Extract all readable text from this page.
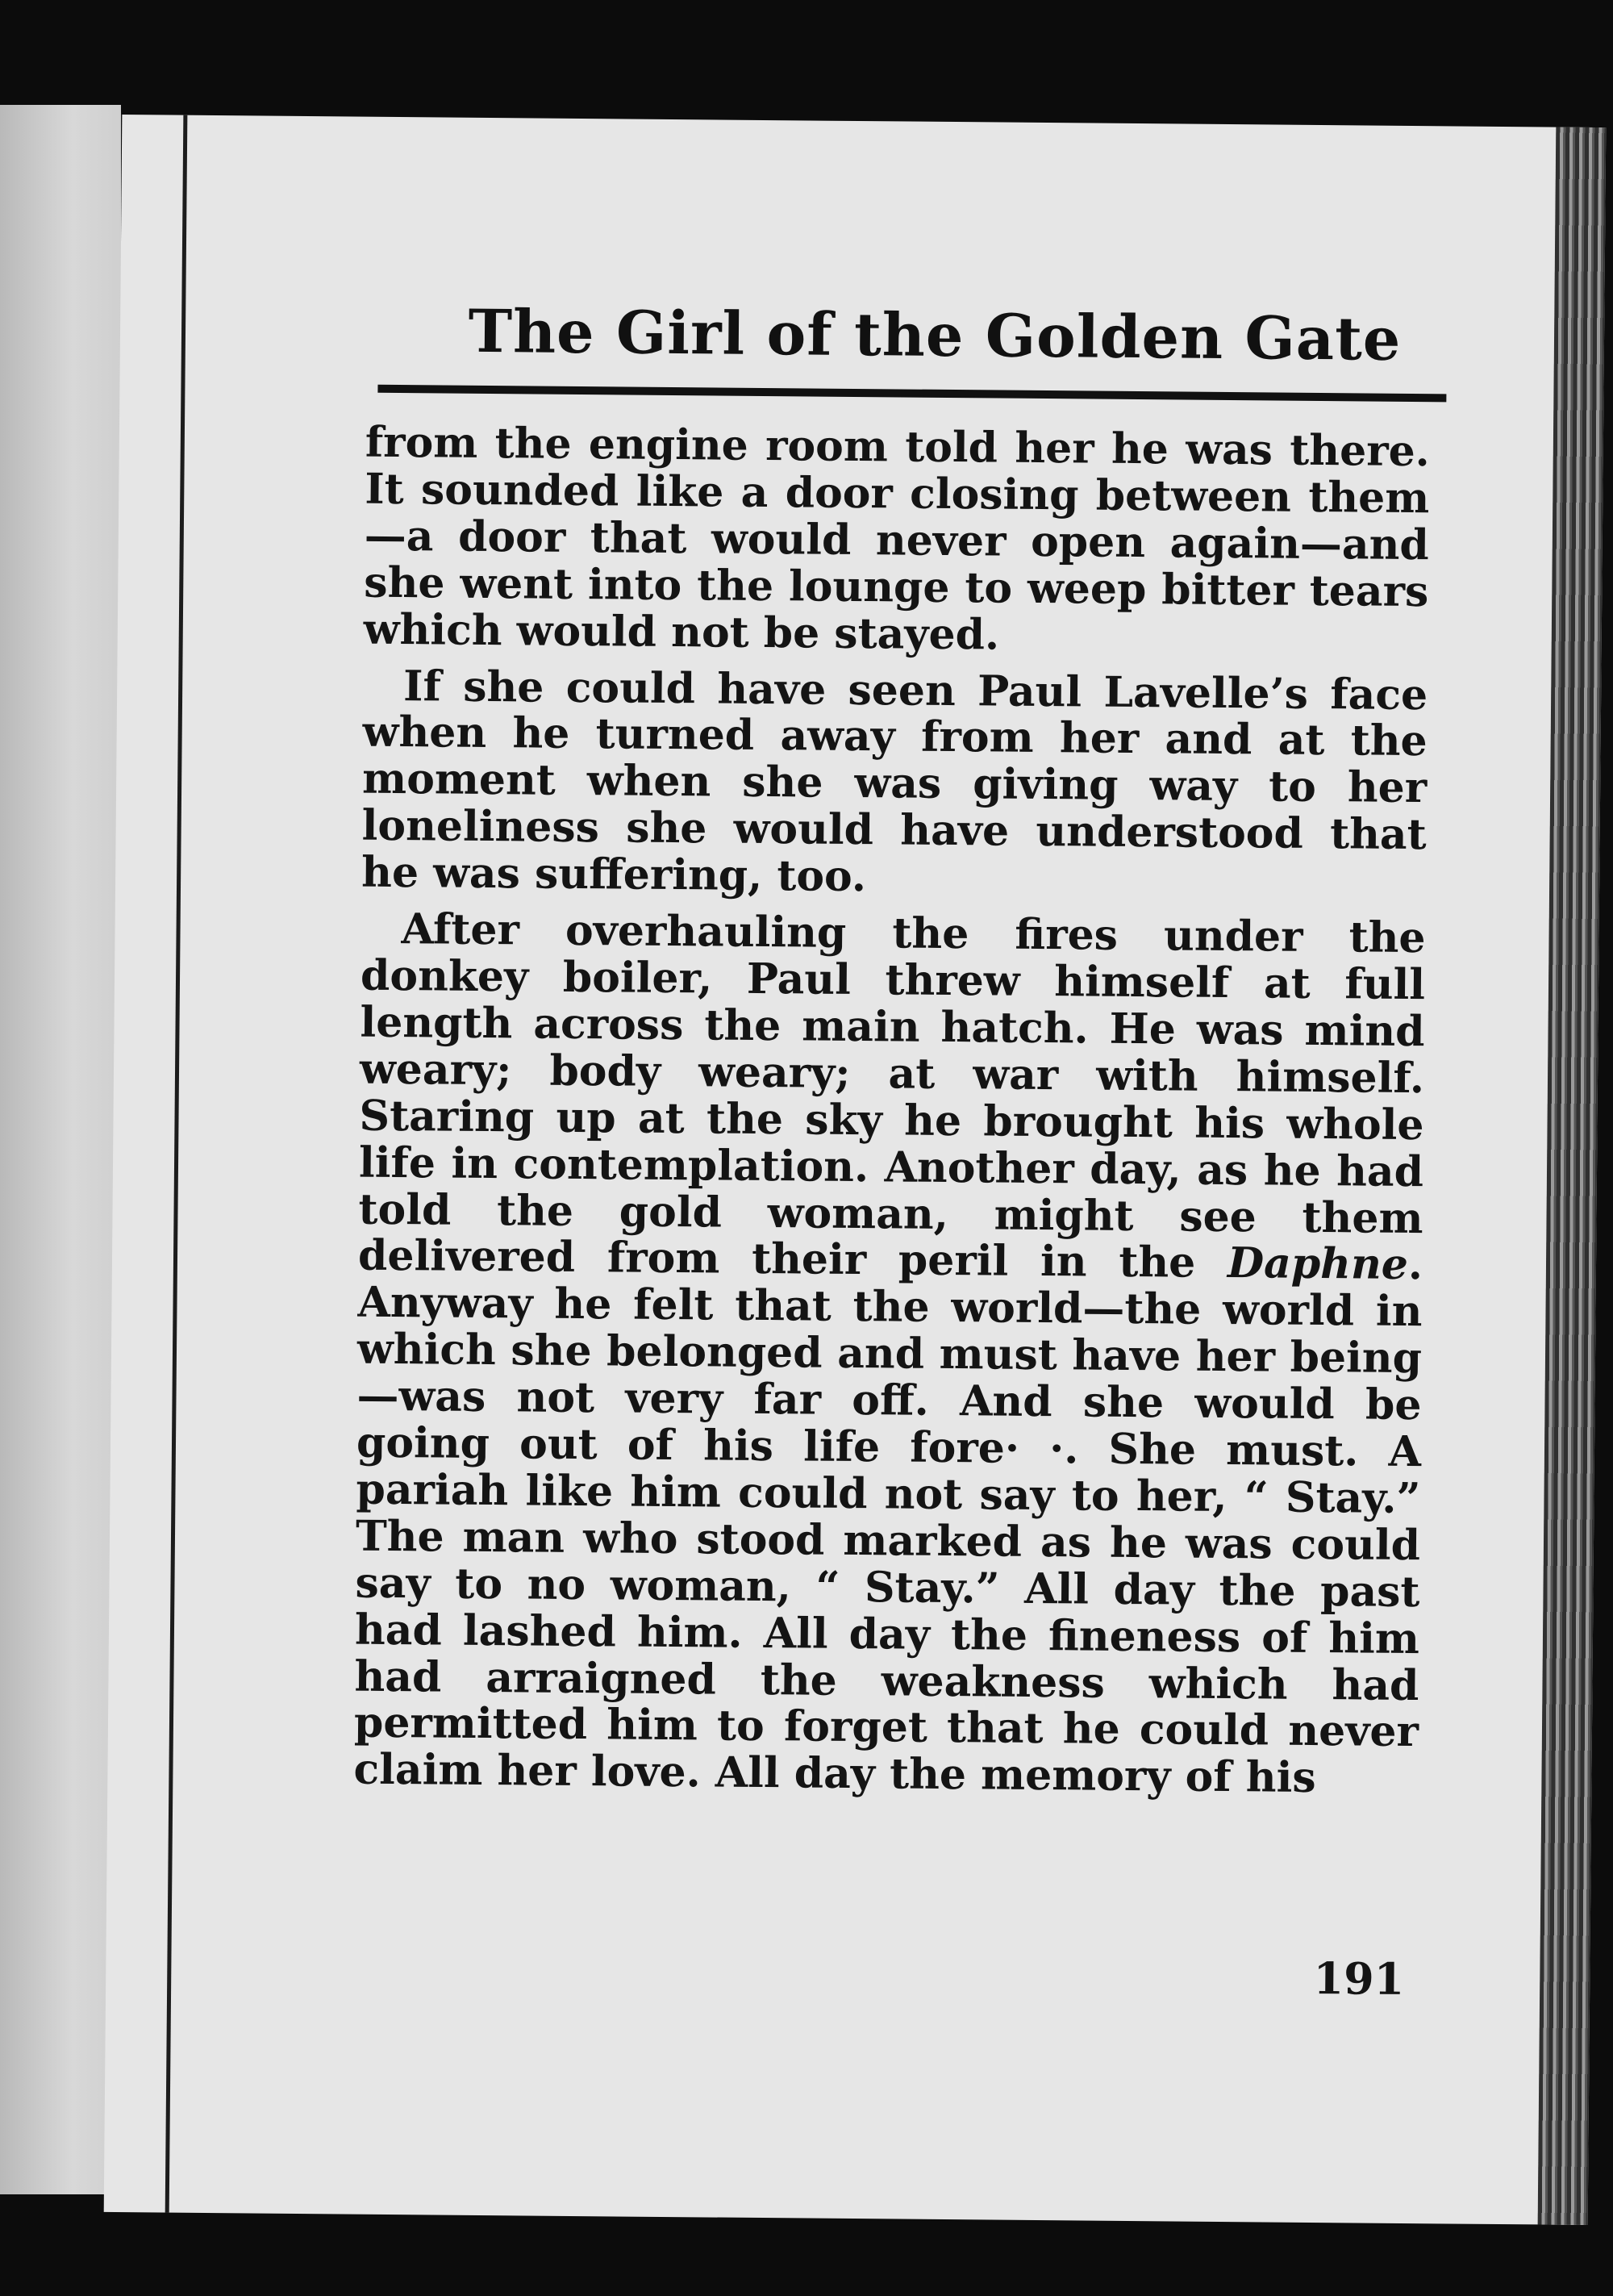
The Girl of the Golden Gate

from the engine room told her he was there. It sounded like a door closing between them—a door that would never open again—and she went into the lounge to weep bitter tears which would not be stayed.

If she could have seen Paul Lavelle’s face when he turned away from her and at the moment when she was giving way to her loneliness she would have understood that he was suffering, too.

After overhauling the fires under the donkey boiler, Paul threw himself at full length across the main hatch. He was mind weary; body weary; at war with himself. Staring up at the sky he brought his whole life in contemplation. Another day, as he had told the gold woman, might see them delivered from their peril in the Daphne. Anyway he felt that the world—the world in which she belonged and must have her being—was not very far off. And she would be going out of his life fore· ·. She must. A pariah like him could not say to her, “ Stay.” The man who stood marked as he was could say to no woman, “ Stay.” All day the past had lashed him. All day the fineness of him had arraigned the weakness which had permitted him to forget that he could never claim her love. All day the memory of his

191
